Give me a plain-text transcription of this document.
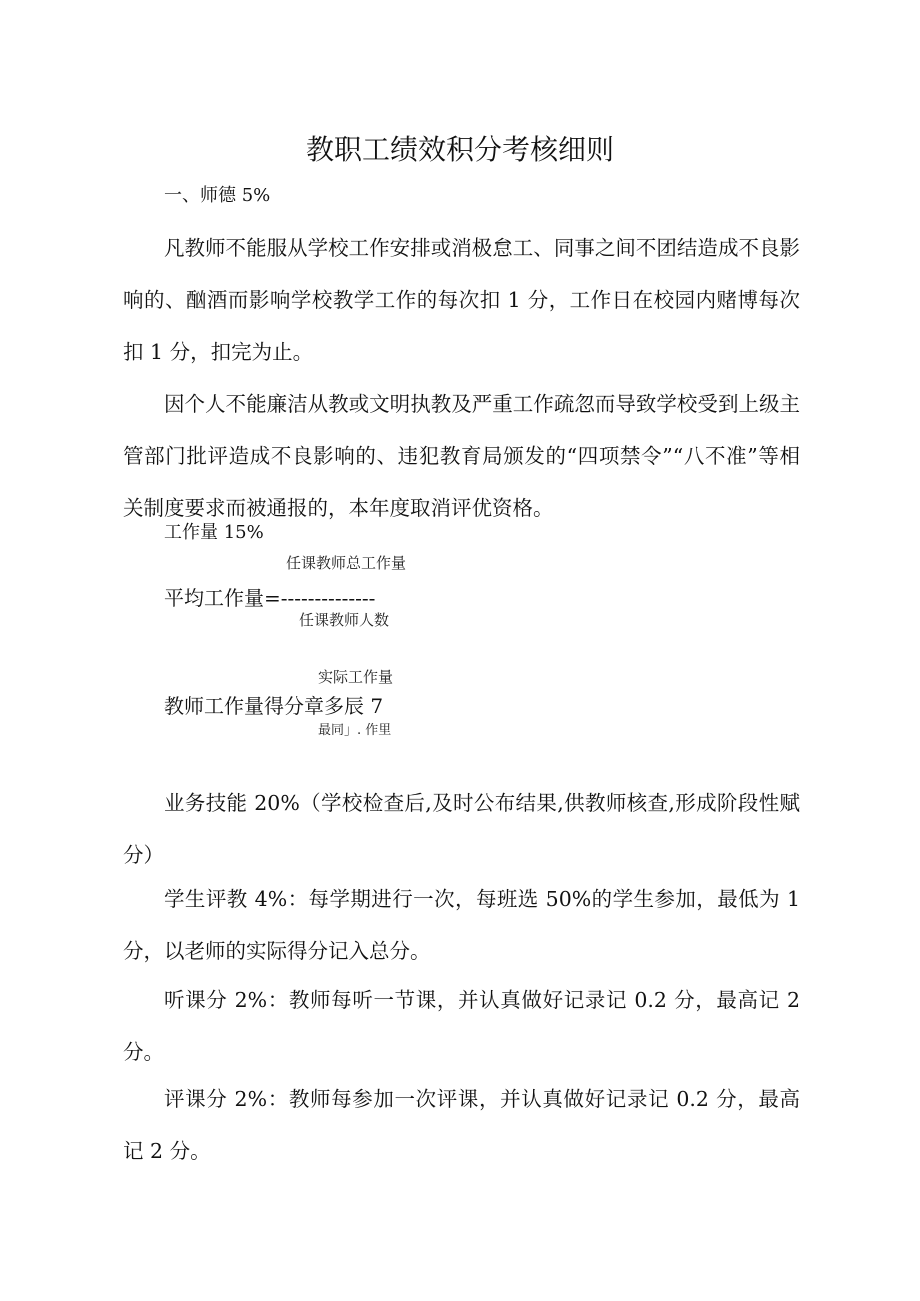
教职工绩效积分考核细则
一、师德 5%

凡教师不能服从学校工作安排或消极怠工、同事之间不团结造成不良影响的、酗酒而影响学校教学工作的每次扣 1 分，工作日在校园内赌博每次扣 1 分，扣完为止。

因个人不能廉洁从教或文明执教及严重工作疏忽而导致学校受到上级主管部门批评造成不良影响的、违犯教育局颁发的“四项禁令”“八不准”等相关制度要求而被通报的，本年度取消评优资格。

工作量 15%
任课教师总工作量
平均工作量=--------------
任课教师人数
实际工作量
教师工作量得分章多辰 7
最同」. 作里

业务技能 20%（学校检查后,及时公布结果,供教师核查,形成阶段性赋分）

学生评教 4%：每学期进行一次，每班选 50%的学生参加，最低为 1 分，以老师的实际得分记入总分。

听课分 2%：教师每听一节课，并认真做好记录记 0.2 分，最高记 2 分。

评课分 2%：教师每参加一次评课，并认真做好记录记 0.2 分，最高记 2 分。
